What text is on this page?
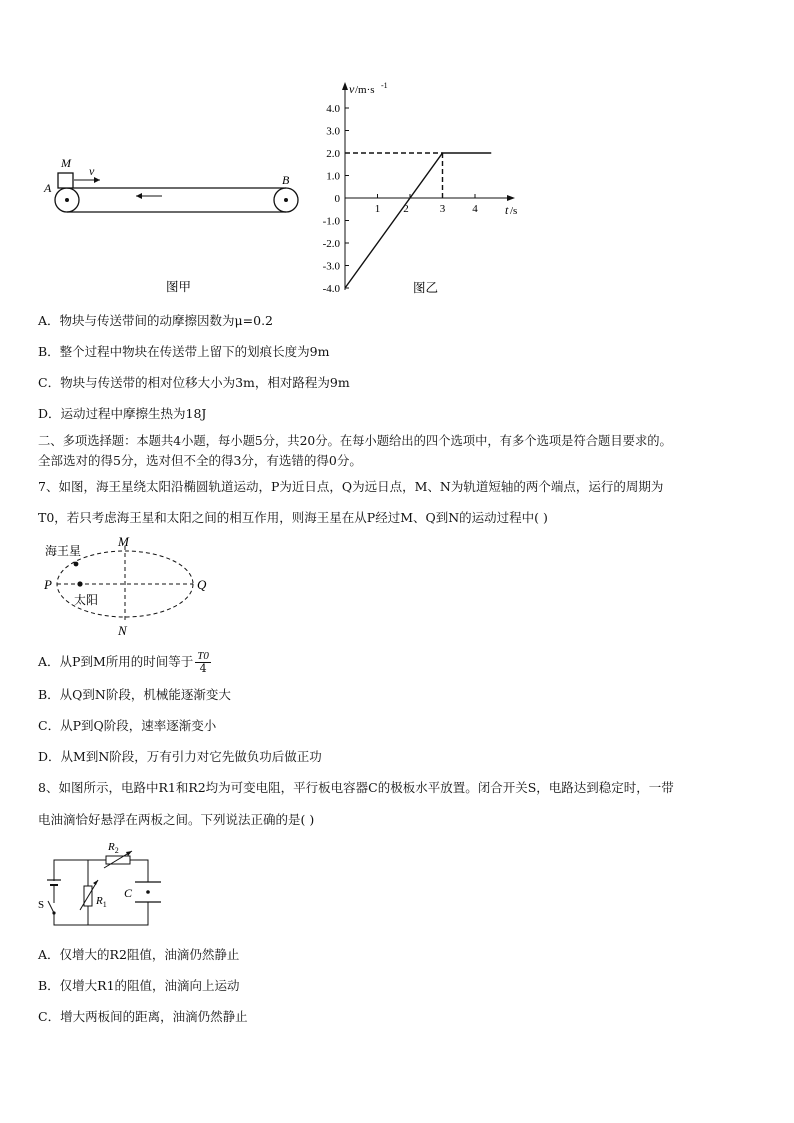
M
v
A
B
图甲
4.0
3.0
2.0
1.0
0
-1.0
-2.0
-3.0
-4.0
1 2	3 4
v /m·s -1
t /s
图乙
A．物块与传送带间的动摩擦因数为μ=0.2
B．整个过程中物块在传送带上留下的划痕长度为9m
C．物块与传送带的相对位移大小为3m，相对路程为9m
D．运动过程中摩擦生热为18J
二、多项选择题：本题共4小题，每小题5分，共20分。在每小题给出的四个选项中，有多个选项是符合题目要求的。
全部选对的得5分，选对但不全的得3分，有选错的得0分。
7、如图，海王星绕太阳沿椭圆轨道运动，P为近日点，Q为远日点，M、N为轨道短轴的两个端点，运行的周期为
T0，若只考虑海王星和太阳之间的相互作用，则海王星在从P经过M、Q到N的运动过程中( )
海王星
太阳
P	Q
M
N
A．从P到M所用的时间等于 $\frac{T0}{4}$
B．从Q到N阶段，机械能逐渐变大
C．从P到Q阶段，速率逐渐变小
D．从M到N阶段，万有引力对它先做负功后做正功
8、如图所示，电路中R1和R2均为可变电阻，平行板电容器C的极板水平放置。闭合开关S，电路达到稳定时，一带
电油滴恰好悬浮在两板之间。下列说法正确的是( )
$R_2$
$R_1$
C
S
A．仅增大的R2阻值，油滴仍然静止
B．仅增大R1的阻值，油滴向上运动
C．增大两板间的距离，油滴仍然静止
